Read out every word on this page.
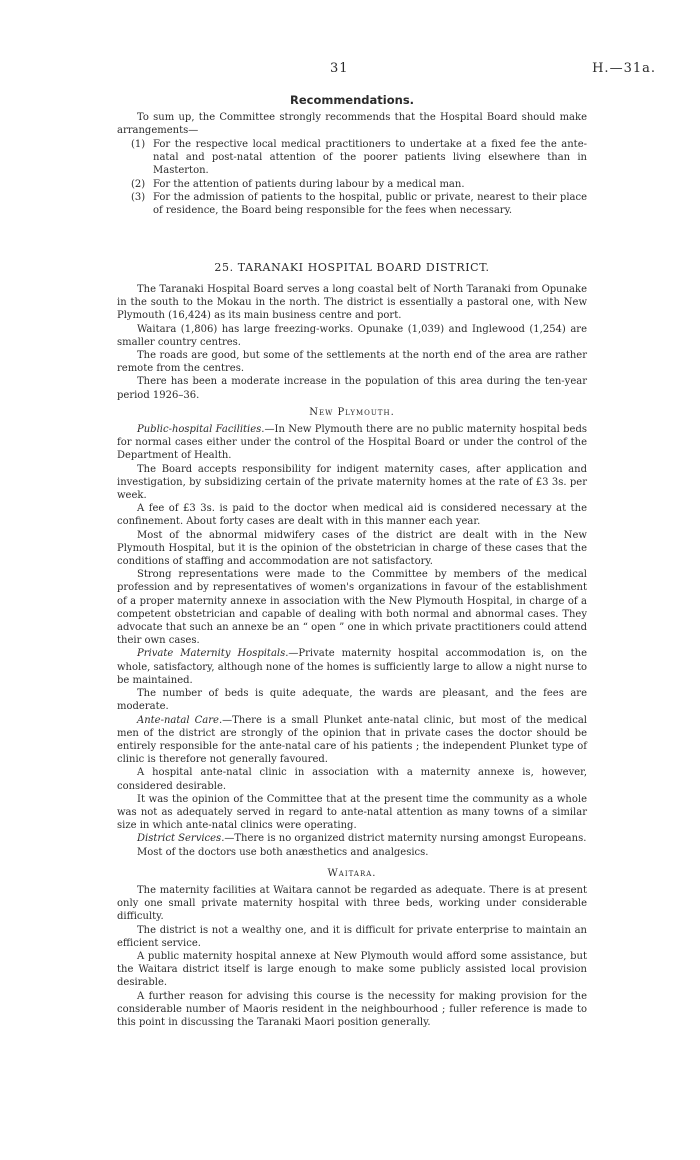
31	H.—31a.
Recommendations.

To sum up, the Committee strongly recommends that the Hospital Board should make arrangements—

(1) For the respective local medical practitioners to undertake at a fixed fee the ante-natal and post-natal attention of the poorer patients living elsewhere than in Masterton.
(2) For the attention of patients during labour by a medical man.
(3) For the admission of patients to the hospital, public or private, nearest to their place of residence, the Board being responsible for the fees when necessary.
25. TARANAKI HOSPITAL BOARD DISTRICT.

The Taranaki Hospital Board serves a long coastal belt of North Taranaki from Opunake in the south to the Mokau in the north. The district is essentially a pastoral one, with New Plymouth (16,424) as its main business centre and port.

Waitara (1,806) has large freezing-works. Opunake (1,039) and Inglewood (1,254) are smaller country centres.

The roads are good, but some of the settlements at the north end of the area are rather remote from the centres.

There has been a moderate increase in the population of this area during the ten-year period 1926–36.

New Plymouth.

Public-hospital Facilities.—In New Plymouth there are no public maternity hospital beds for normal cases either under the control of the Hospital Board or under the control of the Department of Health.

The Board accepts responsibility for indigent maternity cases, after application and investigation, by subsidizing certain of the private maternity homes at the rate of £3 3s. per week.

A fee of £3 3s. is paid to the doctor when medical aid is considered necessary at the confinement. About forty cases are dealt with in this manner each year.

Most of the abnormal midwifery cases of the district are dealt with in the New Plymouth Hospital, but it is the opinion of the obstetrician in charge of these cases that the conditions of staffing and accommodation are not satisfactory.

Strong representations were made to the Committee by members of the medical profession and by representatives of women's organizations in favour of the establishment of a proper maternity annexe in association with the New Plymouth Hospital, in charge of a competent obstetrician and capable of dealing with both normal and abnormal cases. They advocate that such an annexe be an “ open ” one in which private practitioners could attend their own cases.

Private Maternity Hospitals.—Private maternity hospital accommodation is, on the whole, satisfactory, although none of the homes is sufficiently large to allow a night nurse to be maintained.

The number of beds is quite adequate, the wards are pleasant, and the fees are moderate.

Ante-natal Care.—There is a small Plunket ante-natal clinic, but most of the medical men of the district are strongly of the opinion that in private cases the doctor should be entirely responsible for the ante-natal care of his patients ; the independent Plunket type of clinic is therefore not generally favoured.

A hospital ante-natal clinic in association with a maternity annexe is, however, considered desirable.

It was the opinion of the Committee that at the present time the community as a whole was not as adequately served in regard to ante-natal attention as many towns of a similar size in which ante-natal clinics were operating.

District Services.—There is no organized district maternity nursing amongst Europeans.

Most of the doctors use both anæsthetics and analgesics.

Waitara.

The maternity facilities at Waitara cannot be regarded as adequate. There is at present only one small private maternity hospital with three beds, working under considerable difficulty.

The district is not a wealthy one, and it is difficult for private enterprise to maintain an efficient service.

A public maternity hospital annexe at New Plymouth would afford some assistance, but the Waitara district itself is large enough to make some publicly assisted local provision desirable.

A further reason for advising this course is the necessity for making provision for the considerable number of Maoris resident in the neighbourhood ; fuller reference is made to this point in discussing the Taranaki Maori position generally.
